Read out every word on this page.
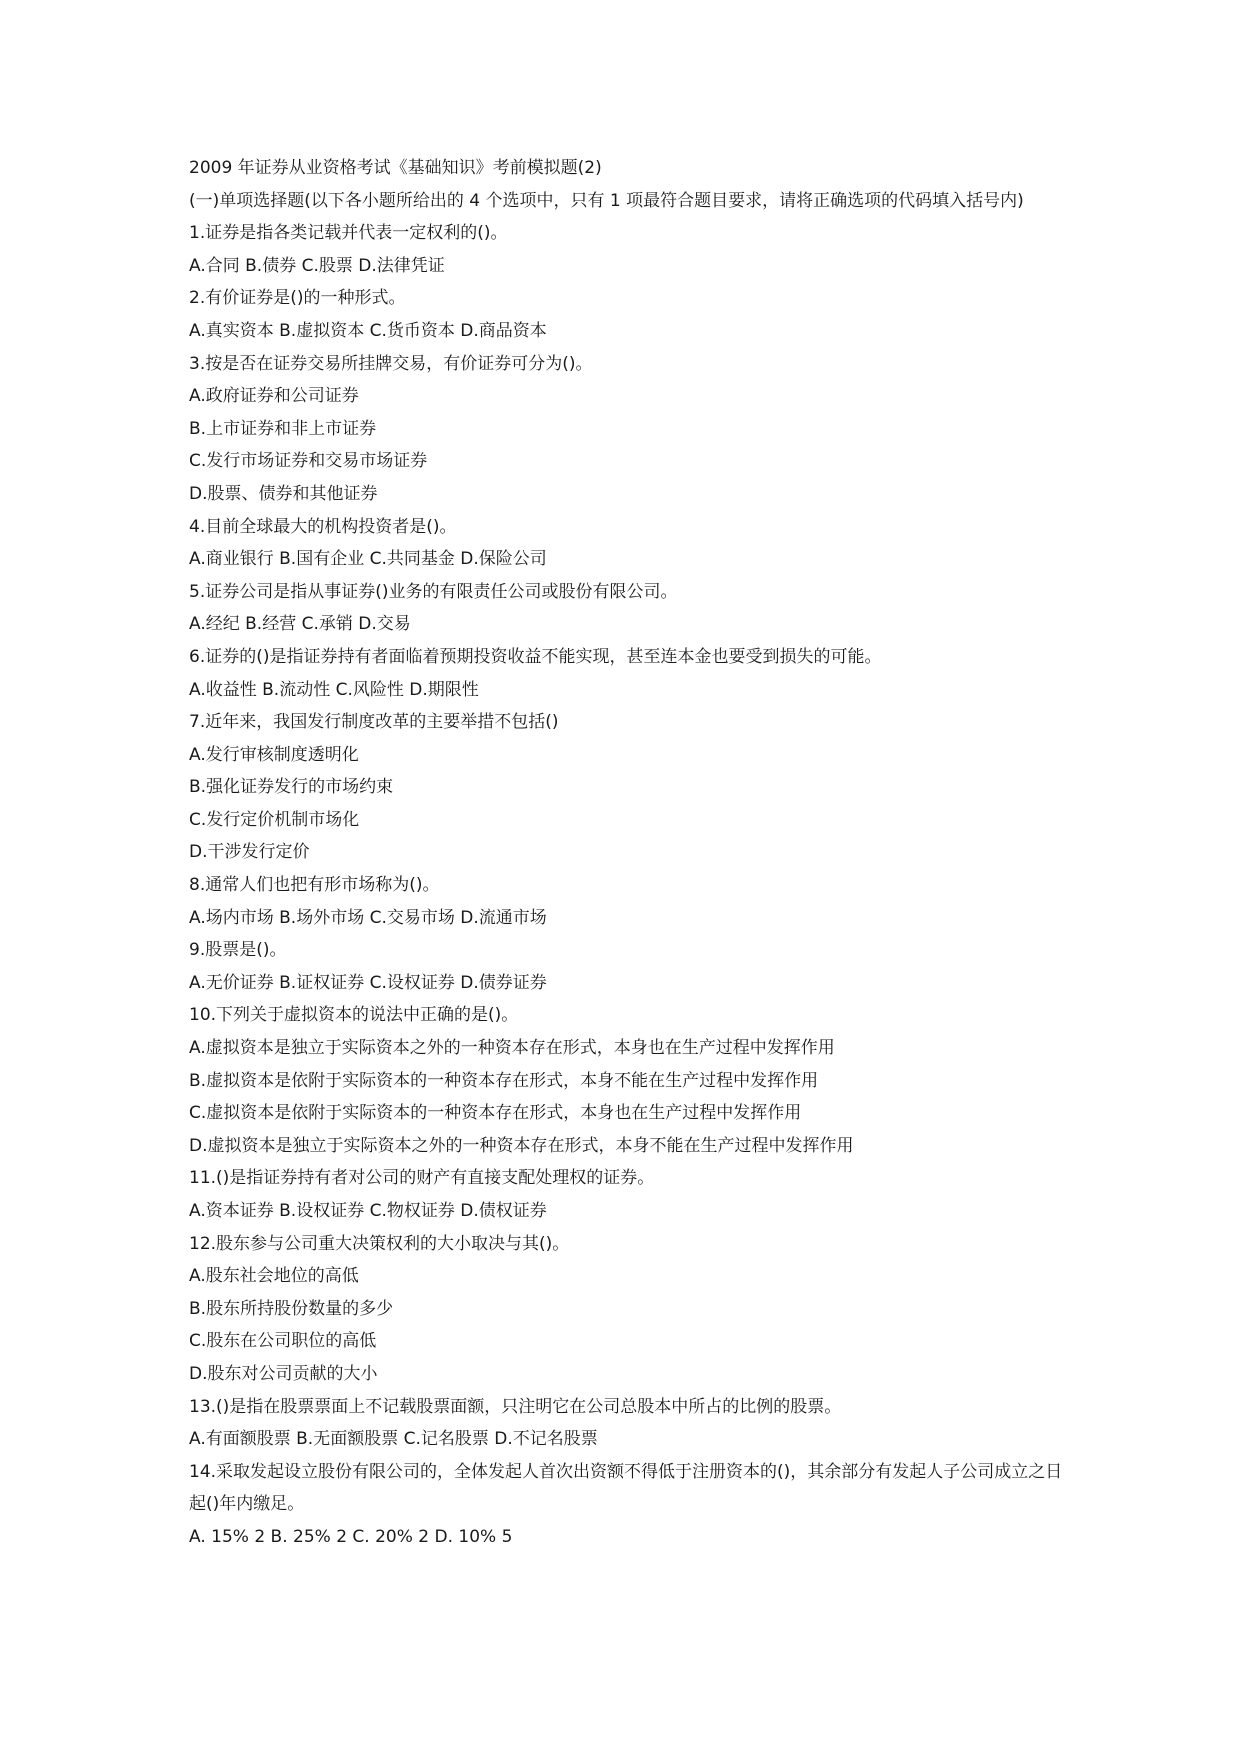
2009 年证券从业资格考试《基础知识》考前模拟题(2)
(一)单项选择题(以下各小题所给出的 4 个选项中，只有 1 项最符合题目要求，请将正确选项的代码填入括号内)
1.证券是指各类记载并代表一定权利的()。
A.合同 B.债券 C.股票 D.法律凭证
2.有价证券是()的一种形式。
A.真实资本 B.虚拟资本 C.货币资本 D.商品资本
3.按是否在证券交易所挂牌交易，有价证券可分为()。
A.政府证券和公司证券
B.上市证券和非上市证券
C.发行市场证券和交易市场证券
D.股票、债券和其他证券
4.目前全球最大的机构投资者是()。
A.商业银行 B.国有企业 C.共同基金 D.保险公司
5.证券公司是指从事证券()业务的有限责任公司或股份有限公司。
A.经纪 B.经营 C.承销 D.交易
6.证券的()是指证券持有者面临着预期投资收益不能实现，甚至连本金也要受到损失的可能。
A.收益性 B.流动性 C.风险性 D.期限性
7.近年来，我国发行制度改革的主要举措不包括()
A.发行审核制度透明化
B.强化证券发行的市场约束
C.发行定价机制市场化
D.干涉发行定价
8.通常人们也把有形市场称为()。
A.场内市场 B.场外市场 C.交易市场 D.流通市场
9.股票是()。
A.无价证券 B.证权证券 C.设权证券 D.债券证券
10.下列关于虚拟资本的说法中正确的是()。
A.虚拟资本是独立于实际资本之外的一种资本存在形式，本身也在生产过程中发挥作用
B.虚拟资本是依附于实际资本的一种资本存在形式，本身不能在生产过程中发挥作用
C.虚拟资本是依附于实际资本的一种资本存在形式，本身也在生产过程中发挥作用
D.虚拟资本是独立于实际资本之外的一种资本存在形式，本身不能在生产过程中发挥作用
11.()是指证券持有者对公司的财产有直接支配处理权的证券。
A.资本证券 B.设权证券 C.物权证券 D.债权证券
12.股东参与公司重大决策权利的大小取决与其()。
A.股东社会地位的高低
B.股东所持股份数量的多少
C.股东在公司职位的高低
D.股东对公司贡献的大小
13.()是指在股票票面上不记载股票面额，只注明它在公司总股本中所占的比例的股票。
A.有面额股票 B.无面额股票 C.记名股票 D.不记名股票
14.采取发起设立股份有限公司的，全体发起人首次出资额不得低于注册资本的()，其余部分有发起人子公司成立之日起()年内缴足。
A. 15% 2 B. 25% 2 C. 20% 2 D. 10% 5
